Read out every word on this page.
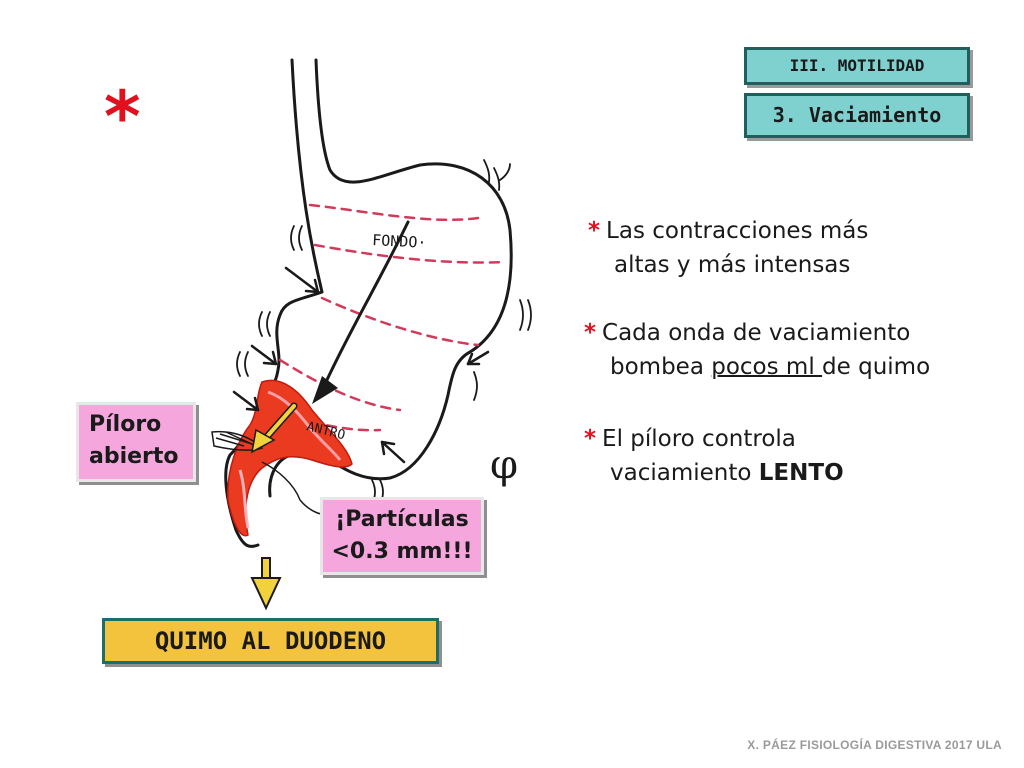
III. MOTILIDAD
3. Vaciamiento
*
FONDO·
ANTRO
φ
* Las contracciones más
altas y más intensas
* Cada onda de vaciamiento
bombea pocos ml de quimo
* El píloro controla
vaciamiento LENTO
Píloro
abierto
¡Partículas
<0.3 mm!!!
QUIMO AL DUODENO
X. PÁEZ FISIOLOGÍA DIGESTIVA 2017 ULA
